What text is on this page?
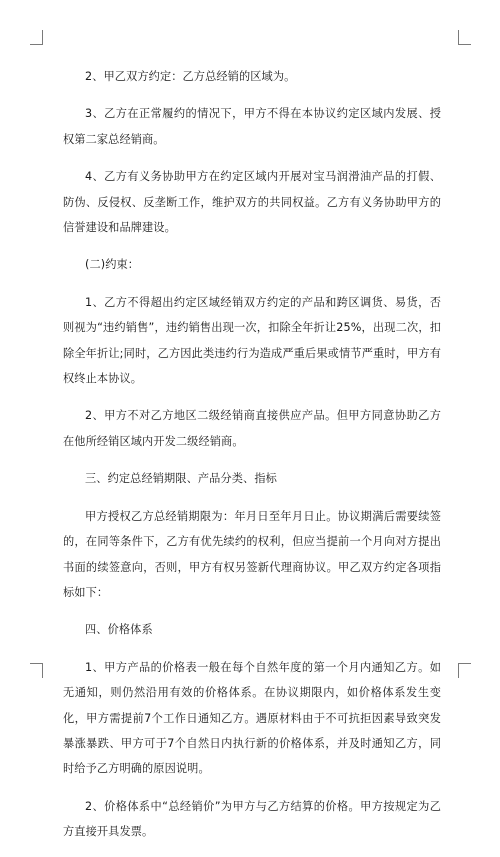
2、甲乙双方约定：乙方总经销的区域为。

3、乙方在正常履约的情况下，甲方不得在本协议约定区域内发展、授权第二家总经销商。

4、乙方有义务协助甲方在约定区域内开展对宝马润滑油产品的打假、防伪、反侵权、反垄断工作，维护双方的共同权益。乙方有义务协助甲方的信誉建设和品牌建设。

(二)约束：

1、乙方不得超出约定区域经销双方约定的产品和跨区调货、易货，否则视为“违约销售”，违约销售出现一次，扣除全年折让25%，出现二次，扣除全年折让;同时，乙方因此类违约行为造成严重后果或情节严重时，甲方有权终止本协议。

2、甲方不对乙方地区二级经销商直接供应产品。但甲方同意协助乙方在他所经销区域内开发二级经销商。

三、约定总经销期限、产品分类、指标

甲方授权乙方总经销期限为：年月日至年月日止。协议期满后需要续签的，在同等条件下，乙方有优先续约的权利，但应当提前一个月向对方提出书面的续签意向，否则，甲方有权另签新代理商协议。甲乙双方约定各项指标如下：

四、价格体系

1、甲方产品的价格表一般在每个自然年度的第一个月内通知乙方。如无通知，则仍然沿用有效的价格体系。在协议期限内，如价格体系发生变化，甲方需提前7个工作日通知乙方。遇原材料由于不可抗拒因素导致突发暴涨暴跌、甲方可于7个自然日内执行新的价格体系，并及时通知乙方，同时给予乙方明确的原因说明。

2、价格体系中“总经销价”为甲方与乙方结算的价格。甲方按规定为乙方直接开具发票。
